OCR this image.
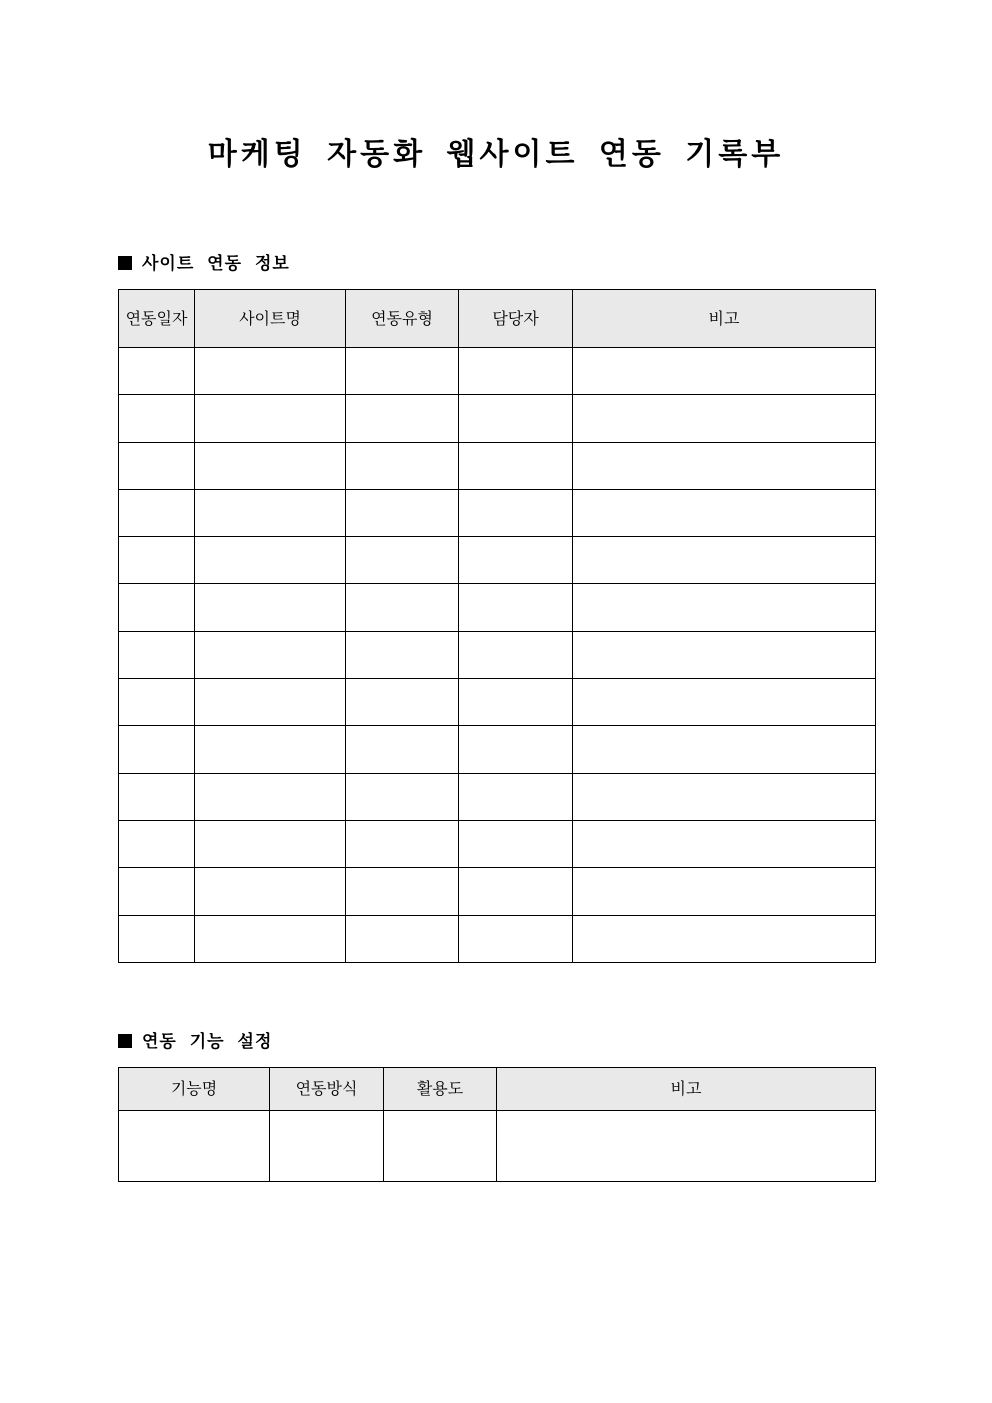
마케팅 자동화 웹사이트 연동 기록부
사이트 연동 정보
연동일자	사이트명	연동유형	담당자	비고

연동 기능 설정
기능명	연동방식	활용도	비고
